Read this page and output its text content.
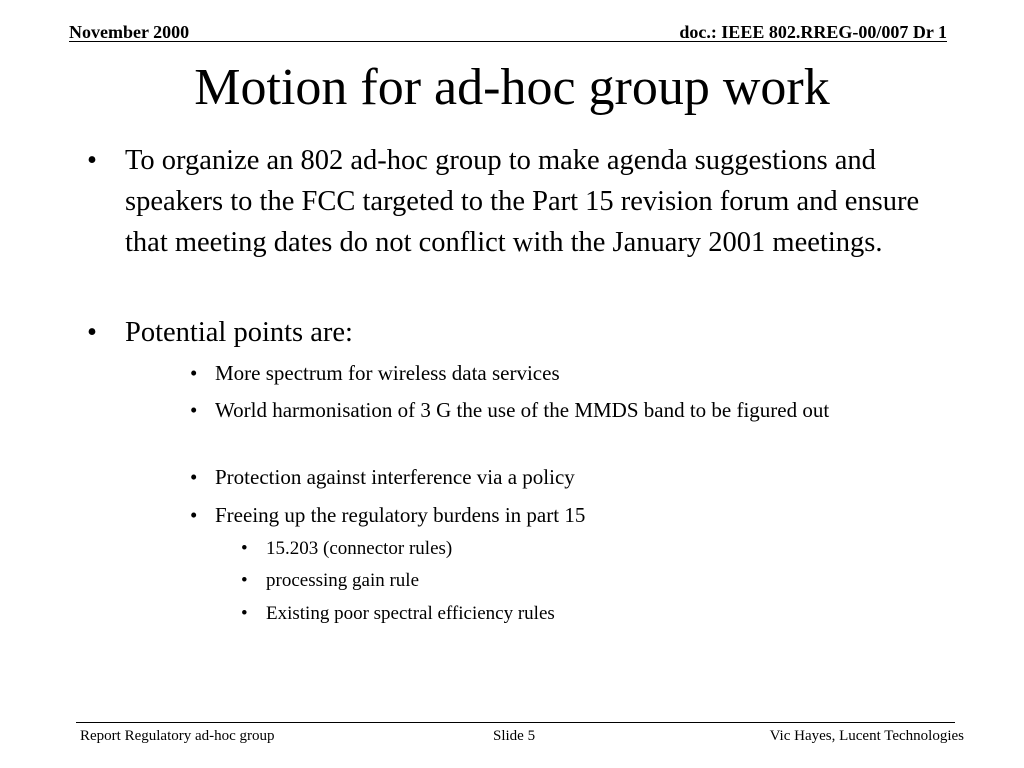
November 2000	doc.: IEEE 802.RREG-00/007 Dr 1
Motion for ad-hoc group work
• To organize an 802 ad-hoc group to make agenda suggestions and speakers to the FCC targeted to the Part 15 revision forum and ensure that meeting dates do not conflict with the January 2001 meetings.
• Potential points are:
• More spectrum for wireless data services
• World harmonisation of 3 G the use of the MMDS band to be figured out
• Protection against interference via a policy
• Freeing up the regulatory burdens in part 15
• 15.203 (connector rules)
• processing gain rule
• Existing poor spectral efficiency rules
Report Regulatory ad-hoc group	Slide 5	Vic Hayes, Lucent Technologies
